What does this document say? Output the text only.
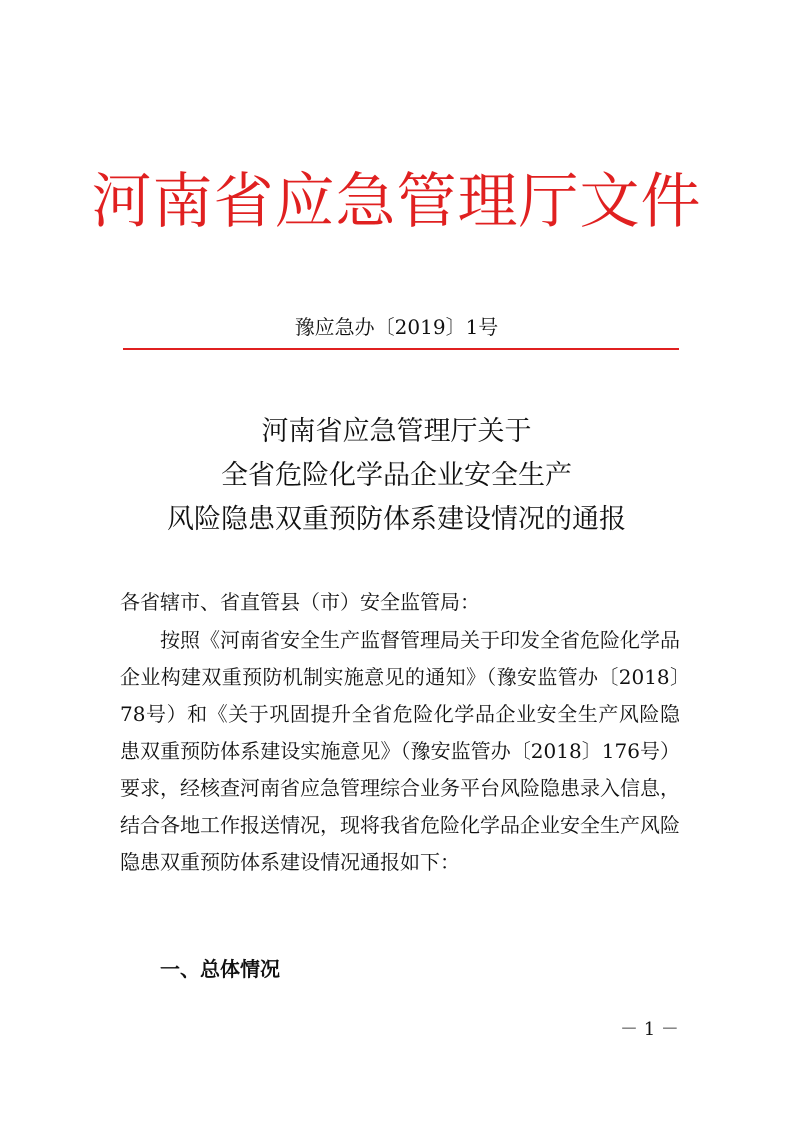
河南省应急管理厅文件
豫应急办〔2019〕1号
河南省应急管理厅关于
全省危险化学品企业安全生产
风险隐患双重预防体系建设情况的通报
各省辖市、省直管县（市）安全监管局：
按照《河南省安全生产监督管理局关于印发全省危险化学品企业构建双重预防机制实施意见的通知》（豫安监管办〔2018〕78号）和《关于巩固提升全省危险化学品企业安全生产风险隐患双重预防体系建设实施意见》（豫安监管办〔2018〕176号）要求，经核查河南省应急管理综合业务平台风险隐患录入信息，结合各地工作报送情况，现将我省危险化学品企业安全生产风险隐患双重预防体系建设情况通报如下：
一、总体情况
－ 1 －
